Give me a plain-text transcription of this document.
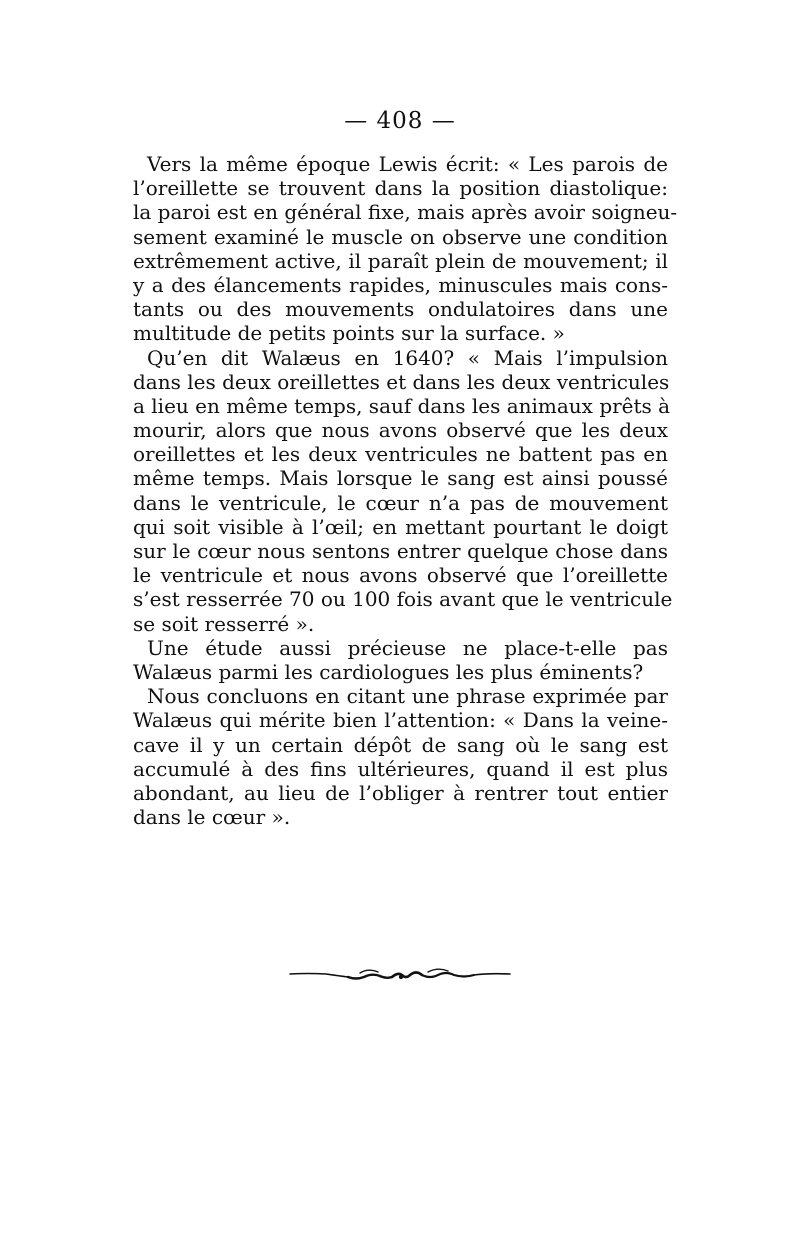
— 408 —
Vers la même époque Lewis écrit: « Les parois de
l’oreillette se trouvent dans la position diastolique:
la paroi est en général fixe, mais après avoir soigneu-
sement examiné le muscle on observe une condition
extrêmement active, il paraît plein de mouvement; il
y a des élancements rapides, minuscules mais cons-
tants ou des mouvements ondulatoires dans une
multitude de petits points sur la surface. »
Qu’en dit Walæus en 1640? « Mais l’impulsion
dans les deux oreillettes et dans les deux ventricules
a lieu en même temps, sauf dans les animaux prêts à
mourir, alors que nous avons observé que les deux
oreillettes et les deux ventricules ne battent pas en
même temps. Mais lorsque le sang est ainsi poussé
dans le ventricule, le cœur n’a pas de mouvement
qui soit visible à l’œil; en mettant pourtant le doigt
sur le cœur nous sentons entrer quelque chose dans
le ventricule et nous avons observé que l’oreillette
s’est resserrée 70 ou 100 fois avant que le ventricule
se soit resserré ».
Une étude aussi précieuse ne place-t-elle pas
Walæus parmi les cardiologues les plus éminents?
Nous concluons en citant une phrase exprimée par
Walæus qui mérite bien l’attention: « Dans la veine-
cave il y un certain dépôt de sang où le sang est
accumulé à des fins ultérieures, quand il est plus
abondant, au lieu de l’obliger à rentrer tout entier
dans le cœur ».
